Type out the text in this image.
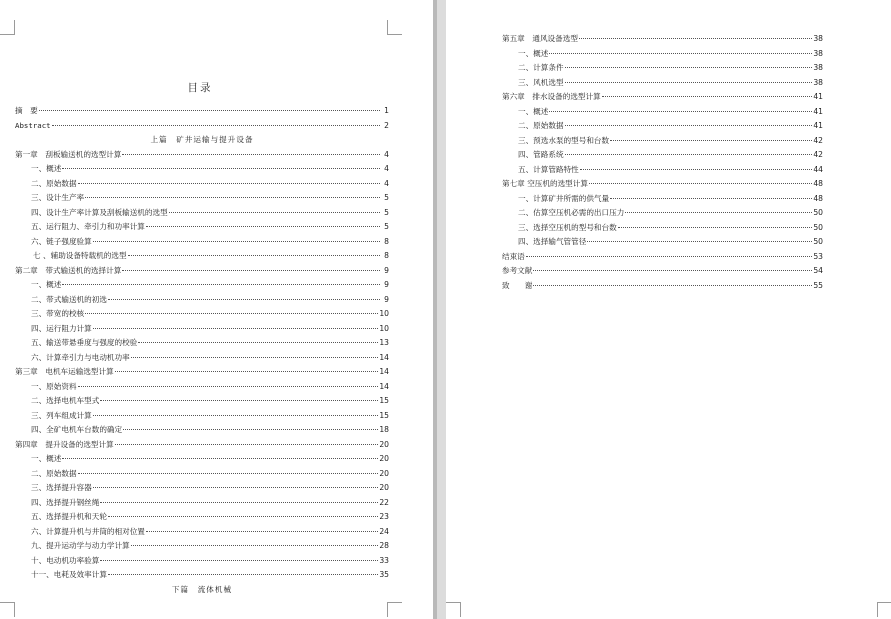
目录
摘　要	1
Abstract	2
上篇　矿井运输与提升设备
第一章　刮板输送机的选型计算	4
一、概述	4
二、原始数据	4
三、设计生产率	5
四、设计生产率计算及刮板输送机的选型	5
五、运行阻力、牵引力和功率计算	5
六、链子强度验算	8
七 、辅助设备特载机的选型	8
第二章　带式输送机的选择计算	9
一、概述	9
二、带式输送机的初选	9
三、带宽的校核	10
四、运行阻力计算	10
五、输送带悬垂度与强度的校验	13
六、计算牵引力与电动机功率	14
第三章　电机车运输选型计算	14
一、原始资料	14
二、选择电机车型式	15
三、列车组成计算	15
四、全矿电机车台数的确定	18
第四章　提升设备的选型计算	20
一、概述	20
二、原始数据	20
三、选择提升容器	20
四、选择提升钢丝绳	22
五、选择提升机和天轮	23
六、计算提升机与井筒的相对位置	24
九、提升运动学与动力学计算	28
十、电动机功率验算	33
十一、电耗及效率计算	35
下篇　流体机械
第五章　通风设备选型	38
一、概述	38
二、计算条件	38
三、风机选型	38
第六章　排水设备的选型计算	41
一、概述	41
二、原始数据	41
三、预选水泵的型号和台数	42
四、管路系统	42
五、计算管路特性	44
第七章 空压机的选型计算	48
一、计算矿井所需的供气量	48
二、估算空压机必需的出口压力	50
三、选择空压机的型号和台数	50
四、选择输气管管径	50
结束语	53
参考文献	54
致　　谢	55
